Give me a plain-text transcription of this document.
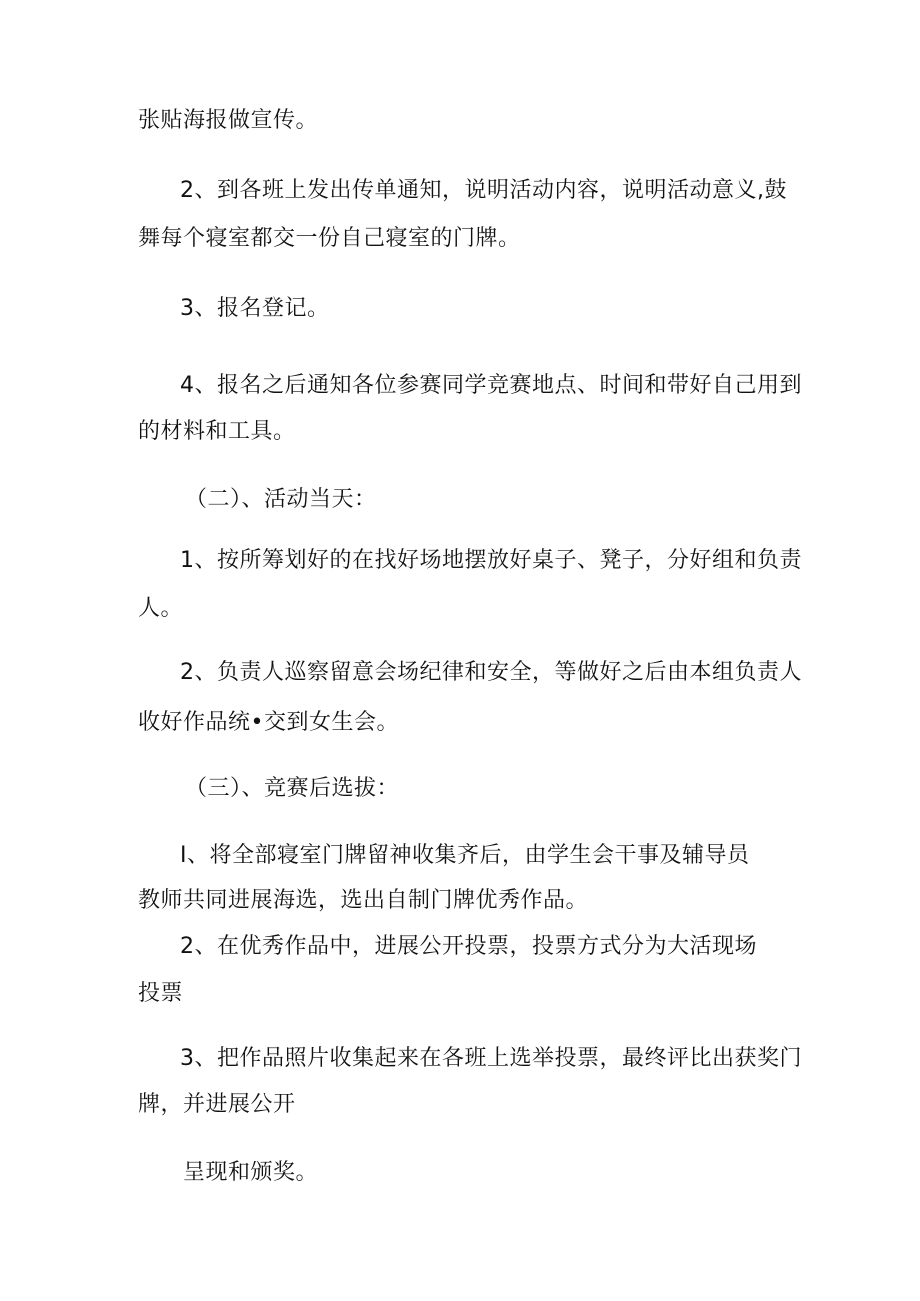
张贴海报做宣传。
2、到各班上发出传单通知，说明活动内容，说明活动意义,鼓
舞每个寝室都交一份自己寝室的门牌。
3、报名登记。
4、报名之后通知各位参赛同学竞赛地点、时间和带好自己用到
的材料和工具。
（二）、活动当天：
1、按所筹划好的在找好场地摆放好桌子、凳子，分好组和负责
人。
2、负责人巡察留意会场纪律和安全，等做好之后由本组负责人
收好作品统•交到女生会。
（三）、竞赛后选拔：
I、将全部寝室门牌留神收集齐后，由学生会干事及辅导员
教师共同进展海选，选出自制门牌优秀作品。
2、在优秀作品中，进展公开投票，投票方式分为大活现场
投票
3、把作品照片收集起来在各班上选举投票，最终评比出获奖门
牌，并进展公开
呈现和颁奖。
